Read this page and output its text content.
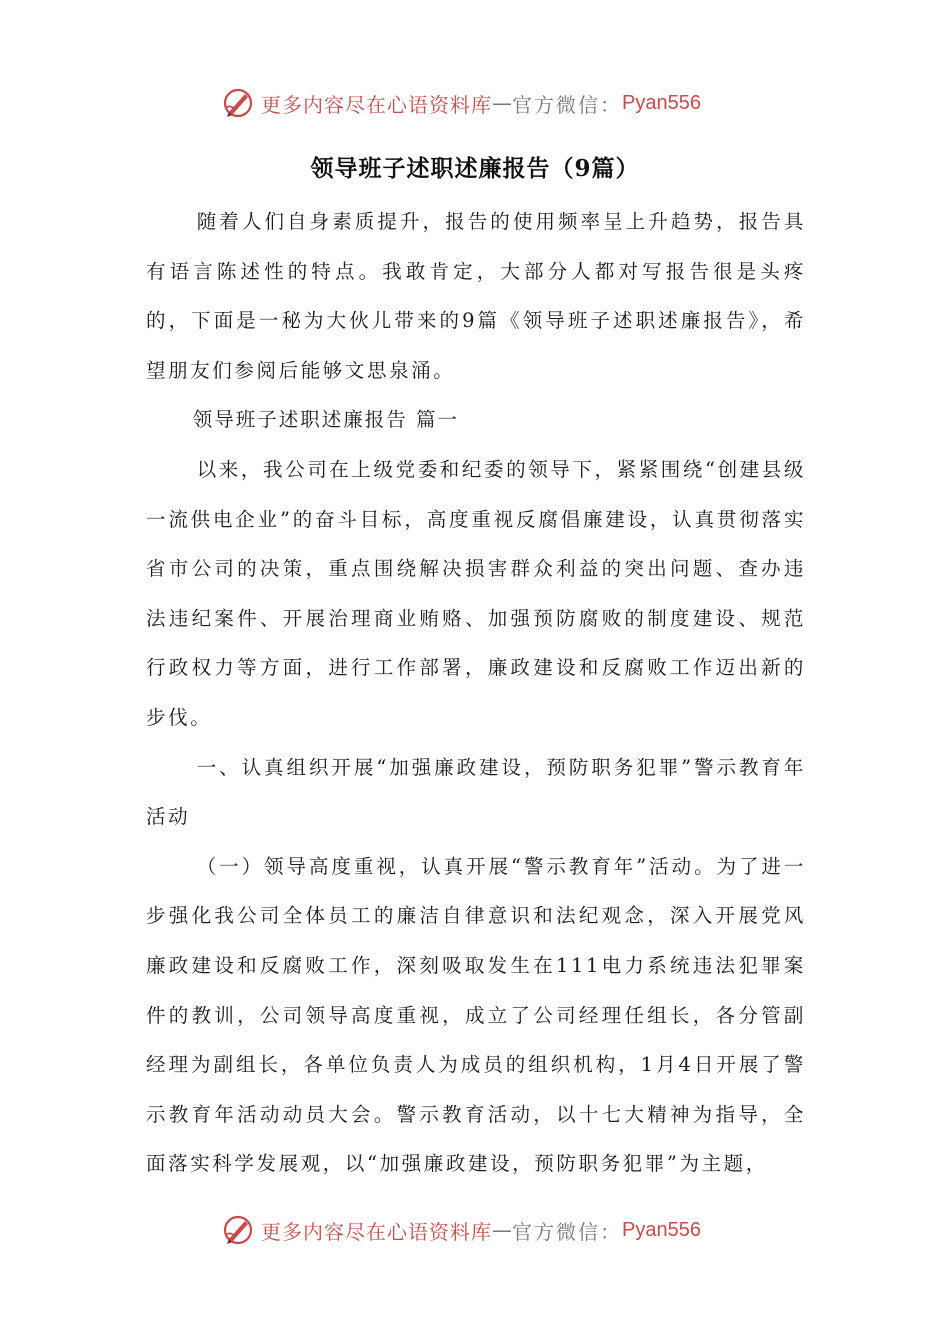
更多内容尽在心语资料库 — 官方微信： Pyan556
领导班子述职述廉报告（9篇）

随着人们自身素质提升，报告的使用频率呈上升趋势，报告具有语言陈述性的特点。我敢肯定，大部分人都对写报告很是头疼的，下面是一秘为大伙儿带来的9篇《领导班子述职述廉报告》，希望朋友们参阅后能够文思泉涌。

领导班子述职述廉报告 篇一

以来，我公司在上级党委和纪委的领导下，紧紧围绕“创建县级一流供电企业”的奋斗目标，高度重视反腐倡廉建设，认真贯彻落实省市公司的决策，重点围绕解决损害群众利益的突出问题、查办违法违纪案件、开展治理商业贿赂、加强预防腐败的制度建设、规范行政权力等方面，进行工作部署，廉政建设和反腐败工作迈出新的步伐。

一、认真组织开展“加强廉政建设，预防职务犯罪”警示教育年活动

（一）领导高度重视，认真开展“警示教育年”活动。为了进一步强化我公司全体员工的廉洁自律意识和法纪观念，深入开展党风廉政建设和反腐败工作，深刻吸取发生在111电力系统违法犯罪案件的教训，公司领导高度重视，成立了公司经理任组长，各分管副经理为副组长，各单位负责人为成员的组织机构，1月4日开展了警示教育年活动动员大会。警示教育活动，以十七大精神为指导，全面落实科学发展观，以“加强廉政建设，预防职务犯罪”为主题，

更多内容尽在心语资料库 — 官方微信： Pyan556
